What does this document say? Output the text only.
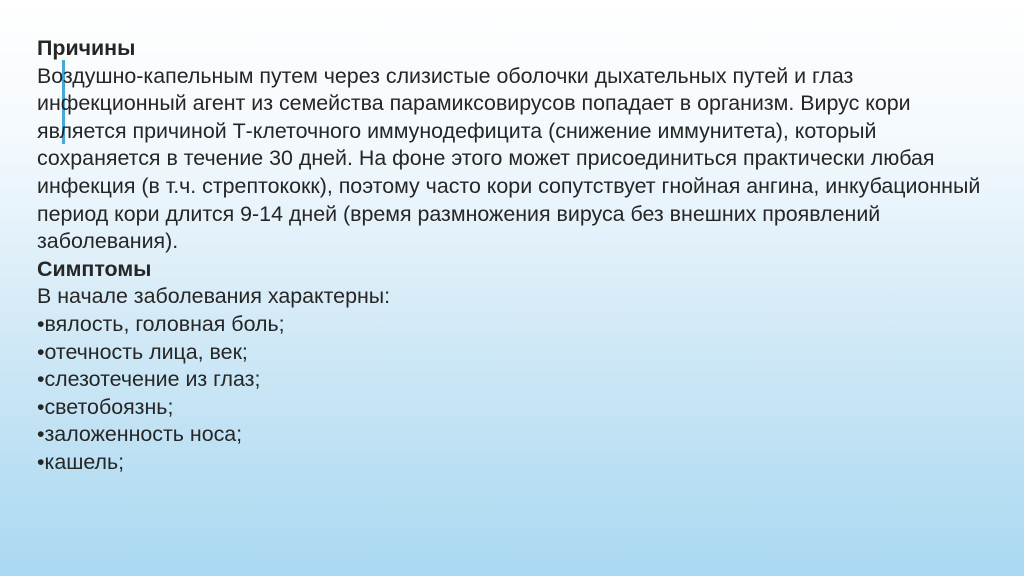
Причины

Воздушно-капельным путем через слизистые оболочки дыхательных путей и глаз инфекционный агент из семейства парамиксовирусов попадает в организм. Вирус кори является причиной Т-клеточного иммунодефицита (снижение иммунитета), который сохраняется в течение 30 дней. На фоне этого может присоединиться практически любая инфекция (в т.ч. стрептококк), поэтому часто кори сопутствует гнойная ангина, инкубационный период кори длится 9-14 дней (время размножения вируса без внешних проявлений заболевания).

Симптомы
В начале заболевания характерны:
•вялость, головная боль;
•отечность лица, век;
•слезотечение из глаз;
•светобоязнь;
•заложенность носа;
•кашель;
